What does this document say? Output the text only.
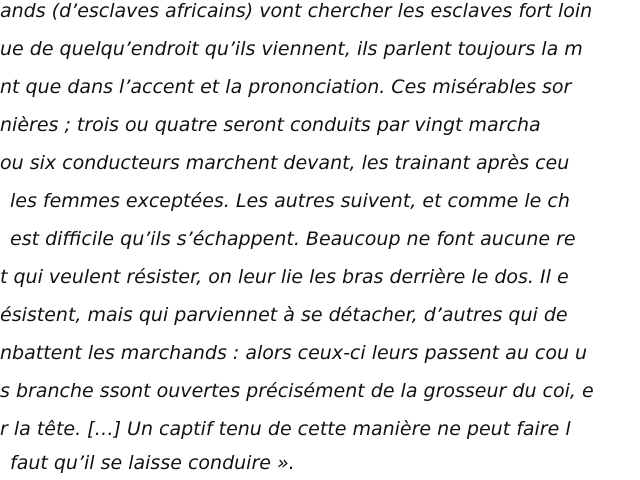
ands (d’esclaves africains) vont chercher les esclaves fort loin
ue de quelqu’endroit qu’ils viennent, ils parlent toujours la m
nt que dans l’accent et la prononciation. Ces misérables sor
nières ; trois ou quatre seront conduits par vingt marcha
ou six conducteurs marchent devant, les trainant après ceu
les femmes exceptées. Les autres suivent, et comme le ch
est difficile qu’ils s’échappent. Beaucoup ne font aucune re
t qui veulent résister, on leur lie les bras derrière le dos. Il e
ésistent, mais qui parviennet à se détacher, d’autres qui de
nbattent les marchands : alors ceux-ci leurs passent au cou u
s branche ssont ouvertes précisément de la grosseur du coi, e
r la tête. […] Un captif tenu de cette manière ne peut faire l
faut qu’il se laisse conduire ».
